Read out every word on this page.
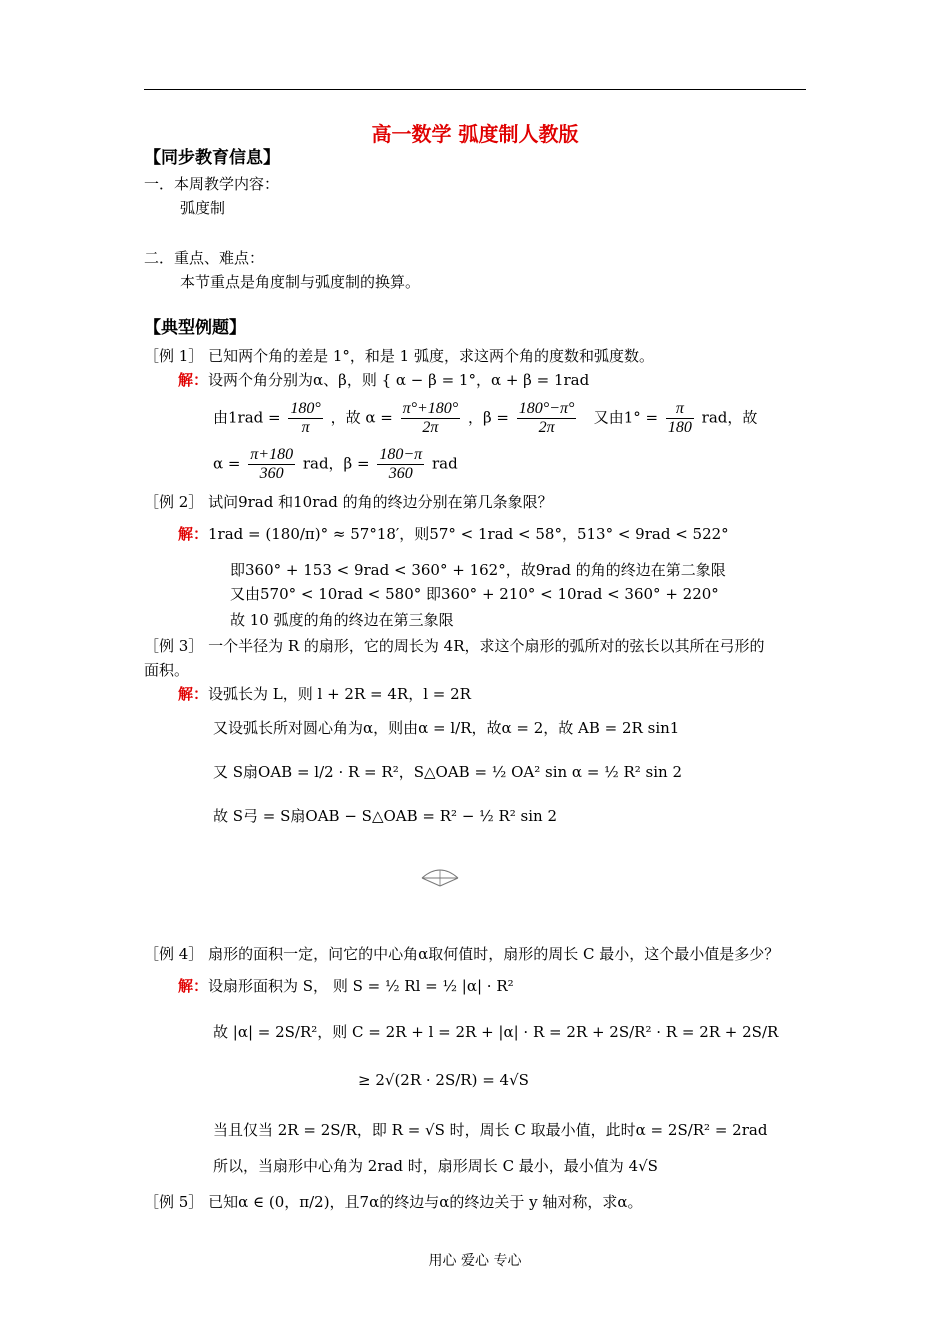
高一数学 弧度制人教版
【同步教育信息】
一．本周教学内容：
弧度制
二．重点、难点：
本节重点是角度制与弧度制的换算。
【典型例题】
［例 1］ 已知两个角的差是 1°，和是 1 弧度，求这两个角的度数和弧度数。
解：设两个角分别为α、β，则 { α − β = 1°，α + β = 1rad
由$1rad = \frac{180^\circ}{\pi}$ ，故 $\alpha = \frac{\pi^\circ+180^\circ}{2\pi}$ ，$\beta = \frac{180^\circ-\pi^\circ}{2\pi}$ 又由$1^\circ = \frac{\pi}{180}$ rad，故
$\alpha = \frac{\pi+180}{360}$ rad，$\beta = \frac{180-\pi}{360}$ rad
［例 2］ 试问9rad 和10rad 的角的终边分别在第几条象限？
解：1rad = (180/π)° ≈ 57°18′，则57° < 1rad < 58°，513° < 9rad < 522°
即360° + 153 < 9rad < 360° + 162°，故9rad 的角的终边在第二象限
又由570° < 10rad < 580° 即360° + 210° < 10rad < 360° + 220°
故 10 弧度的角的终边在第三象限
［例 3］ 一个半径为 R 的扇形，它的周长为 4R，求这个扇形的弧所对的弦长以其所在弓形的
面积。
解：设弧长为 L，则 l + 2R = 4R，l = 2R
又设弧长所对圆心角为α，则由α = l/R，故α = 2，故 AB = 2R sin1
又 S扇OAB = l/2 · R = R²，S△OAB = ½ OA² sin α = ½ R² sin 2
故 S弓 = S扇OAB − S△OAB = R² − ½ R² sin 2
［例 4］ 扇形的面积一定，问它的中心角α取何值时，扇形的周长 C 最小，这个最小值是多少？
解：设扇形面积为 S， 则 S = ½ Rl = ½ |α| · R²
故 |α| = 2S/R²，则 C = 2R + l = 2R + |α| · R = 2R + 2S/R² · R = 2R + 2S/R
≥ 2√(2R · 2S/R) = 4√S
当且仅当 2R = 2S/R，即 R = √S 时，周长 C 取最小值，此时α = 2S/R² = 2rad
所以，当扇形中心角为 2rad 时，扇形周长 C 最小，最小值为 4√S
［例 5］ 已知α ∈ (0，π/2)，且7α的终边与α的终边关于 y 轴对称，求α。
用心 爱心 专心
